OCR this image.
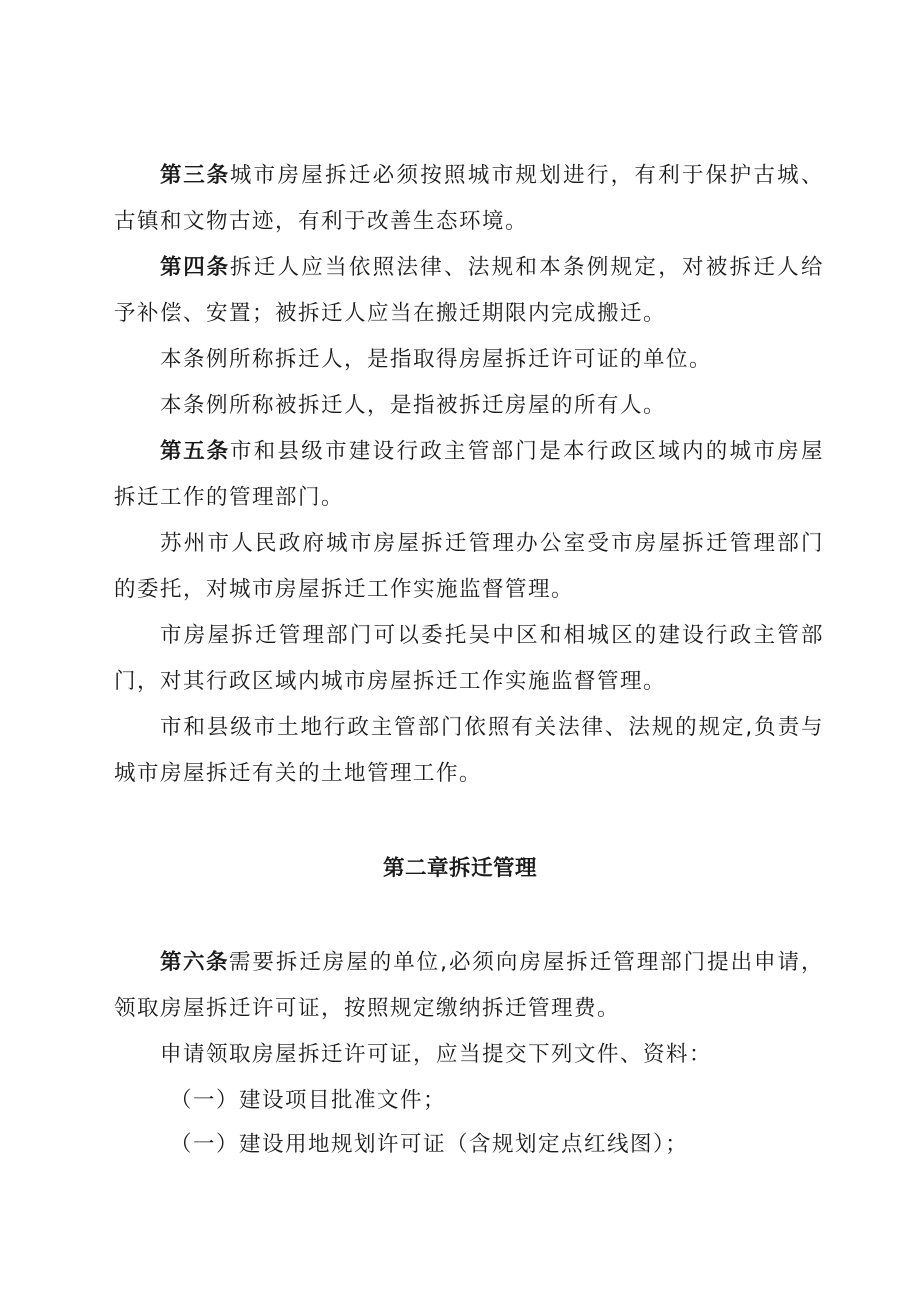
第三条城市房屋拆迁必须按照城市规划进行，有利于保护古城、古镇和文物古迹，有利于改善生态环境。

第四条拆迁人应当依照法律、法规和本条例规定，对被拆迁人给予补偿、安置；被拆迁人应当在搬迁期限内完成搬迁。

本条例所称拆迁人，是指取得房屋拆迁许可证的单位。

本条例所称被拆迁人，是指被拆迁房屋的所有人。

第五条市和县级市建设行政主管部门是本行政区域内的城市房屋拆迁工作的管理部门。

苏州市人民政府城市房屋拆迁管理办公室受市房屋拆迁管理部门的委托，对城市房屋拆迁工作实施监督管理。

市房屋拆迁管理部门可以委托吴中区和相城区的建设行政主管部门，对其行政区域内城市房屋拆迁工作实施监督管理。

市和县级市土地行政主管部门依照有关法律、法规的规定,负责与城市房屋拆迁有关的土地管理工作。

第二章拆迁管理

第六条需要拆迁房屋的单位,必须向房屋拆迁管理部门提出申请，领取房屋拆迁许可证，按照规定缴纳拆迁管理费。

申请领取房屋拆迁许可证，应当提交下列文件、资料：

（一）建设项目批准文件；

（一）建设用地规划许可证（含规划定点红线图）；
